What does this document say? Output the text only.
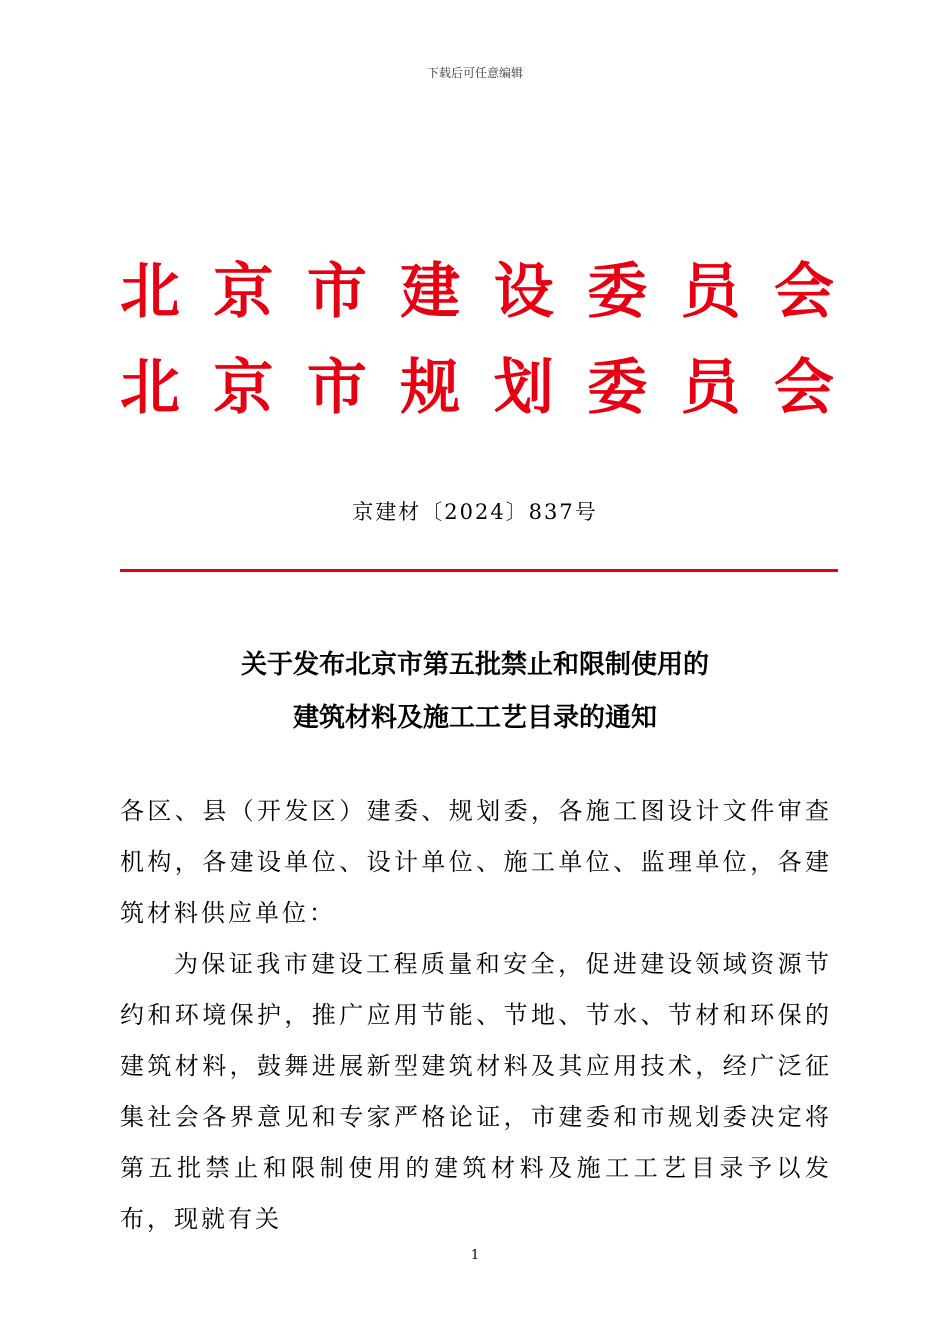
下载后可任意编辑
北 京 市 建 设 委 员 会
北 京 市 规 划 委 员 会
京建材〔2024〕837号
关于发布北京市第五批禁止和限制使用的
建筑材料及施工工艺目录的通知
各区、县（开发区）建委、规划委，各施工图设计文件审查机构，各建设单位、设计单位、施工单位、监理单位，各建筑材料供应单位：
为保证我市建设工程质量和安全，促进建设领域资源节约和环境保护，推广应用节能、节地、节水、节材和环保的建筑材料，鼓舞进展新型建筑材料及其应用技术，经广泛征集社会各界意见和专家严格论证，市建委和市规划委决定将第五批禁止和限制使用的建筑材料及施工工艺目录予以发布，现就有关
1
